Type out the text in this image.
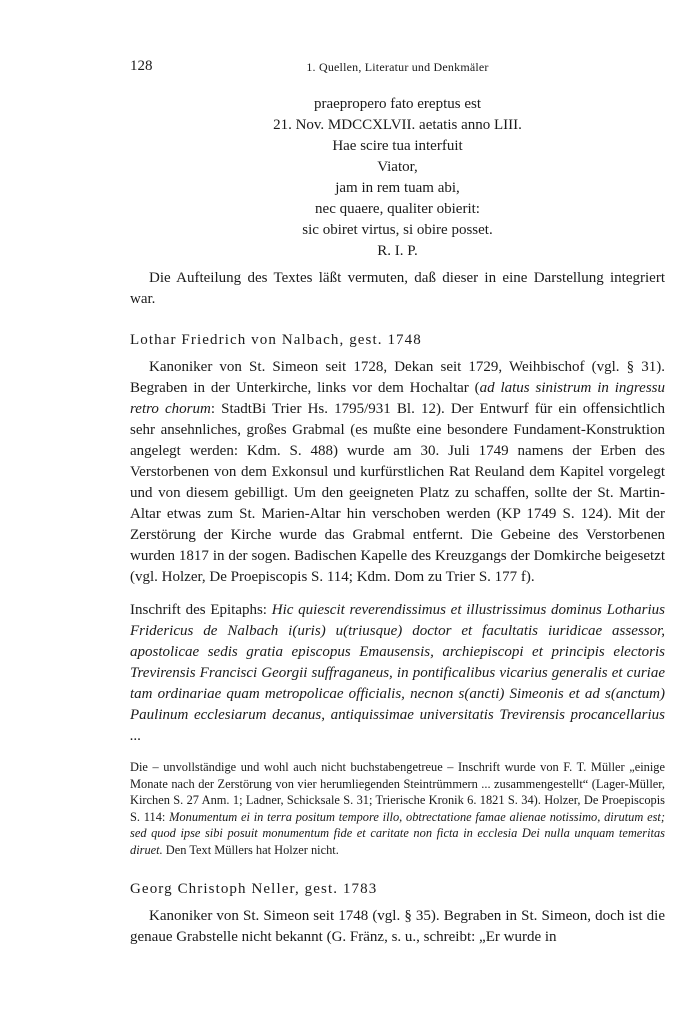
128	1. Quellen, Literatur und Denkmäler
praepropero fato ereptus est
21. Nov. MDCCXLVII. aetatis anno LIII.
Hae scire tua interfuit
Viator,
jam in rem tuam abi,
nec quaere, qualiter obierit:
sic obiret virtus, si obire posset.
R. I. P.

Die Aufteilung des Textes läßt vermuten, daß dieser in eine Darstellung integriert war.

Lothar Friedrich von Nalbach, gest. 1748

Kanoniker von St. Simeon seit 1728, Dekan seit 1729, Weihbischof (vgl. § 31). Begraben in der Unterkirche, links vor dem Hochaltar (ad latus sinistrum in ingressu retro chorum: StadtBi Trier Hs. 1795/931 Bl. 12). Der Entwurf für ein offensichtlich sehr ansehnliches, großes Grabmal (es mußte eine besondere Fundament-Konstruktion angelegt werden: Kdm. S. 488) wurde am 30. Juli 1749 namens der Erben des Verstorbenen von dem Exkonsul und kurfürstlichen Rat Reuland dem Kapitel vorgelegt und von diesem gebilligt. Um den geeigneten Platz zu schaffen, sollte der St. Martin-Altar etwas zum St. Marien-Altar hin verschoben werden (KP 1749 S. 124). Mit der Zerstörung der Kirche wurde das Grabmal entfernt. Die Gebeine des Verstorbenen wurden 1817 in der sogen. Badischen Kapelle des Kreuzgangs der Domkirche beigesetzt (vgl. Holzer, De Proepiscopis S. 114; Kdm. Dom zu Trier S. 177 f).

Inschrift des Epitaphs: Hic quiescit reverendissimus et illustrissimus dominus Lotharius Fridericus de Nalbach i(uris) u(triusque) doctor et facultatis iuridicae assessor, apostolicae sedis gratia episcopus Emausensis, archiepiscopi et principis electoris Trevirensis Francisci Georgii suffraganeus, in pontificalibus vicarius generalis et curiae tam ordinariae quam metropolicae officialis, necnon s(ancti) Simeonis et ad s(anctum) Paulinum ecclesiarum decanus, antiquissimae universitatis Trevirensis procancellarius ...

Die – unvollständige und wohl auch nicht buchstabengetreue – Inschrift wurde von F. T. Müller „einige Monate nach der Zerstörung von vier herumliegenden Steintrümmern ... zusammengestellt“ (Lager-Müller, Kirchen S. 27 Anm. 1; Ladner, Schicksale S. 31; Trierische Kronik 6. 1821 S. 34). Holzer, De Proepiscopis S. 114: Monumentum ei in terra positum tempore illo, obtrectatione famae alienae notissimo, dirutum est; sed quod ipse sibi posuit monumentum fide et caritate non ficta in ecclesia Dei nulla unquam temeritas diruet. Den Text Müllers hat Holzer nicht.

Georg Christoph Neller, gest. 1783

Kanoniker von St. Simeon seit 1748 (vgl. § 35). Begraben in St. Simeon, doch ist die genaue Grabstelle nicht bekannt (G. Fränz, s. u., schreibt: „Er wurde in
